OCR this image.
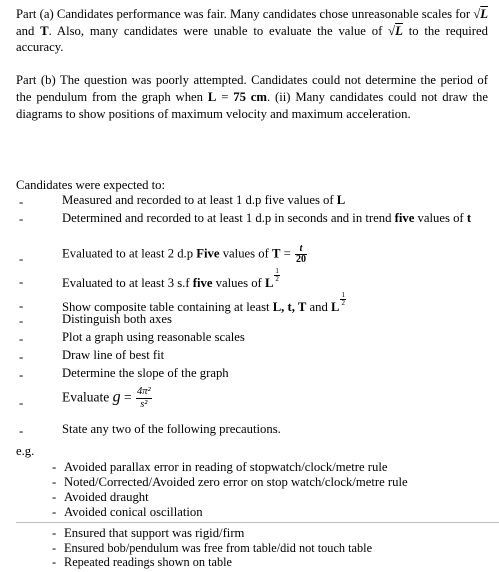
Part (a) Candidates performance was fair. Many candidates chose unreasonable scales for √L and T. Also, many candidates were unable to evaluate the value of √L to the required accuracy.
Part (b) The question was poorly attempted. Candidates could not determine the period of the pendulum from the graph when L = 75 cm. (ii) Many candidates could not draw the diagrams to show positions of maximum velocity and maximum acceleration.
Candidates were expected to:
-	Measured and recorded to at least 1 d.p five values of L
-	Determined and recorded to at least 1 d.p in seconds and in trend five values of t
-	Evaluated to at least 2 d.p Five values of $T = \frac{t}{20}$
-	Evaluated to at least 3 s.f five values of L $\frac{1}{2}$
-	Show composite table containing at least L, t, T and L $\frac{1}{2}$
-	Distinguish both axes
-	Plot a graph using reasonable scales
-	Draw line of best fit
-	Determine the slope of the graph
-	Evaluate $g = \frac{\text{4π²}}{\text{s²}}$
-	State any two of the following precautions.
e.g.
- Avoided parallax error in reading of stopwatch/clock/metre rule
- Noted/Corrected/Avoided zero error on stop watch/clock/metre rule
- Avoided draught
- Avoided conical oscillation
- Ensured that support was rigid/firm
- Ensured bob/pendulum was free from table/did not touch table
- Repeated readings shown on table
